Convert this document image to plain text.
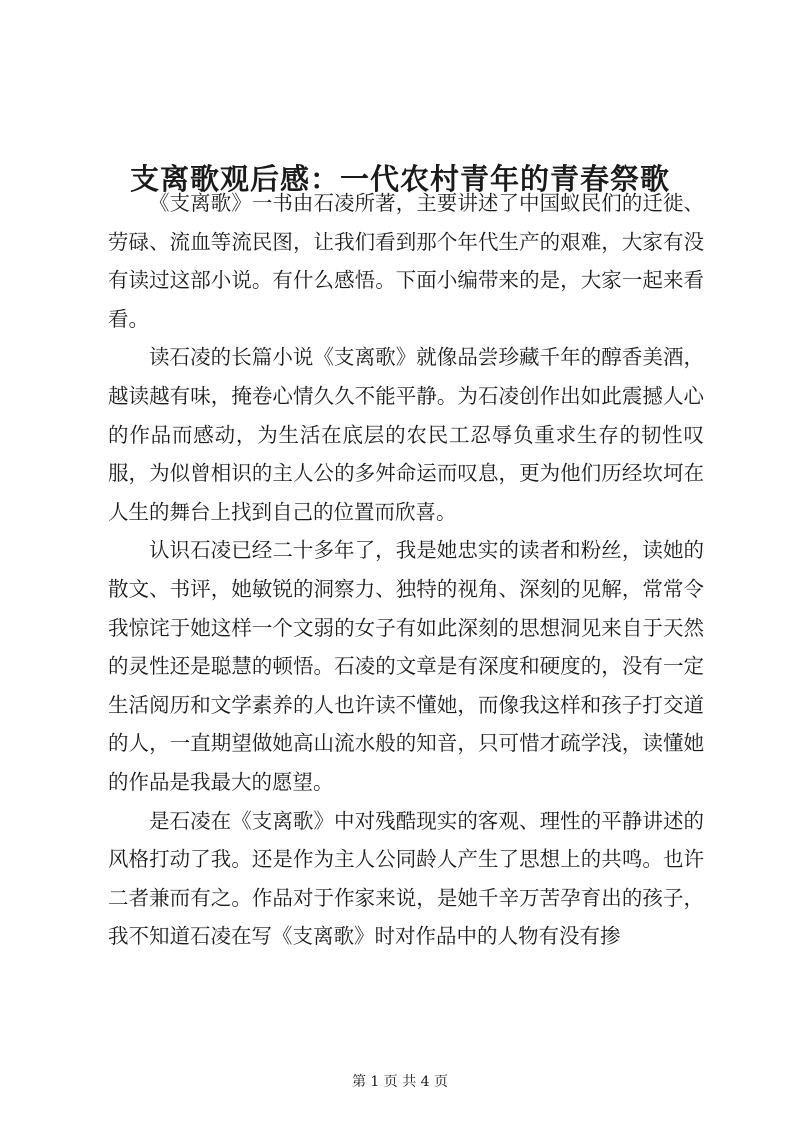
支离歌观后感：一代农村青年的青春祭歌

《支离歌》一书由石凌所著，主要讲述了中国蚁民们的迁徙、劳碌、流血等流民图，让我们看到那个年代生产的艰难，大家有没有读过这部小说。有什么感悟。下面小编带来的是，大家一起来看看。

读石凌的长篇小说《支离歌》就像品尝珍藏千年的醇香美酒，越读越有味，掩卷心情久久不能平静。为石凌创作出如此震撼人心的作品而感动，为生活在底层的农民工忍辱负重求生存的韧性叹服，为似曾相识的主人公的多舛命运而叹息，更为他们历经坎坷在人生的舞台上找到自己的位置而欣喜。

认识石凌已经二十多年了，我是她忠实的读者和粉丝，读她的散文、书评，她敏锐的洞察力、独特的视角、深刻的见解，常常令我惊诧于她这样一个文弱的女子有如此深刻的思想洞见来自于天然的灵性还是聪慧的顿悟。石凌的文章是有深度和硬度的，没有一定生活阅历和文学素养的人也许读不懂她，而像我这样和孩子打交道的人，一直期望做她高山流水般的知音，只可惜才疏学浅，读懂她的作品是我最大的愿望。

是石凌在《支离歌》中对残酷现实的客观、理性的平静讲述的风格打动了我。还是作为主人公同龄人产生了思想上的共鸣。也许二者兼而有之。作品对于作家来说，是她千辛万苦孕育出的孩子，我不知道石凌在写《支离歌》时对作品中的人物有没有掺

第 1 页 共 4 页
